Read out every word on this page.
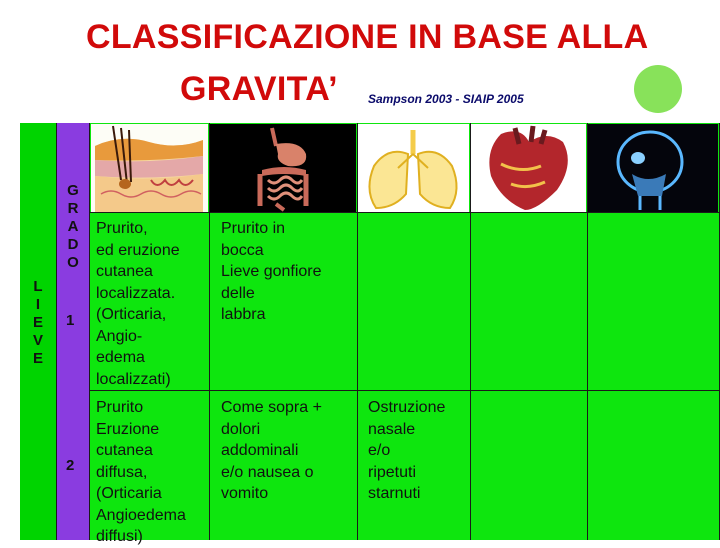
CLASSIFICAZIONE IN BASE ALLA
GRAVITA’	Sampson 2003 - SIAIP 2005
L
I
E
V
E
G
R
A
D
O
1
2
Prurito,
ed eruzione
cutanea
localizzata.
(Orticaria,
Angio-
edema
localizzati)
Prurito in
bocca
Lieve gonfiore
delle
labbra
Prurito
Eruzione
cutanea
diffusa,
(Orticaria
Angioedema
diffusi)
Come sopra +
dolori
addominali
e/o nausea o
vomito
Ostruzione
nasale
e/o
ripetuti
starnuti
